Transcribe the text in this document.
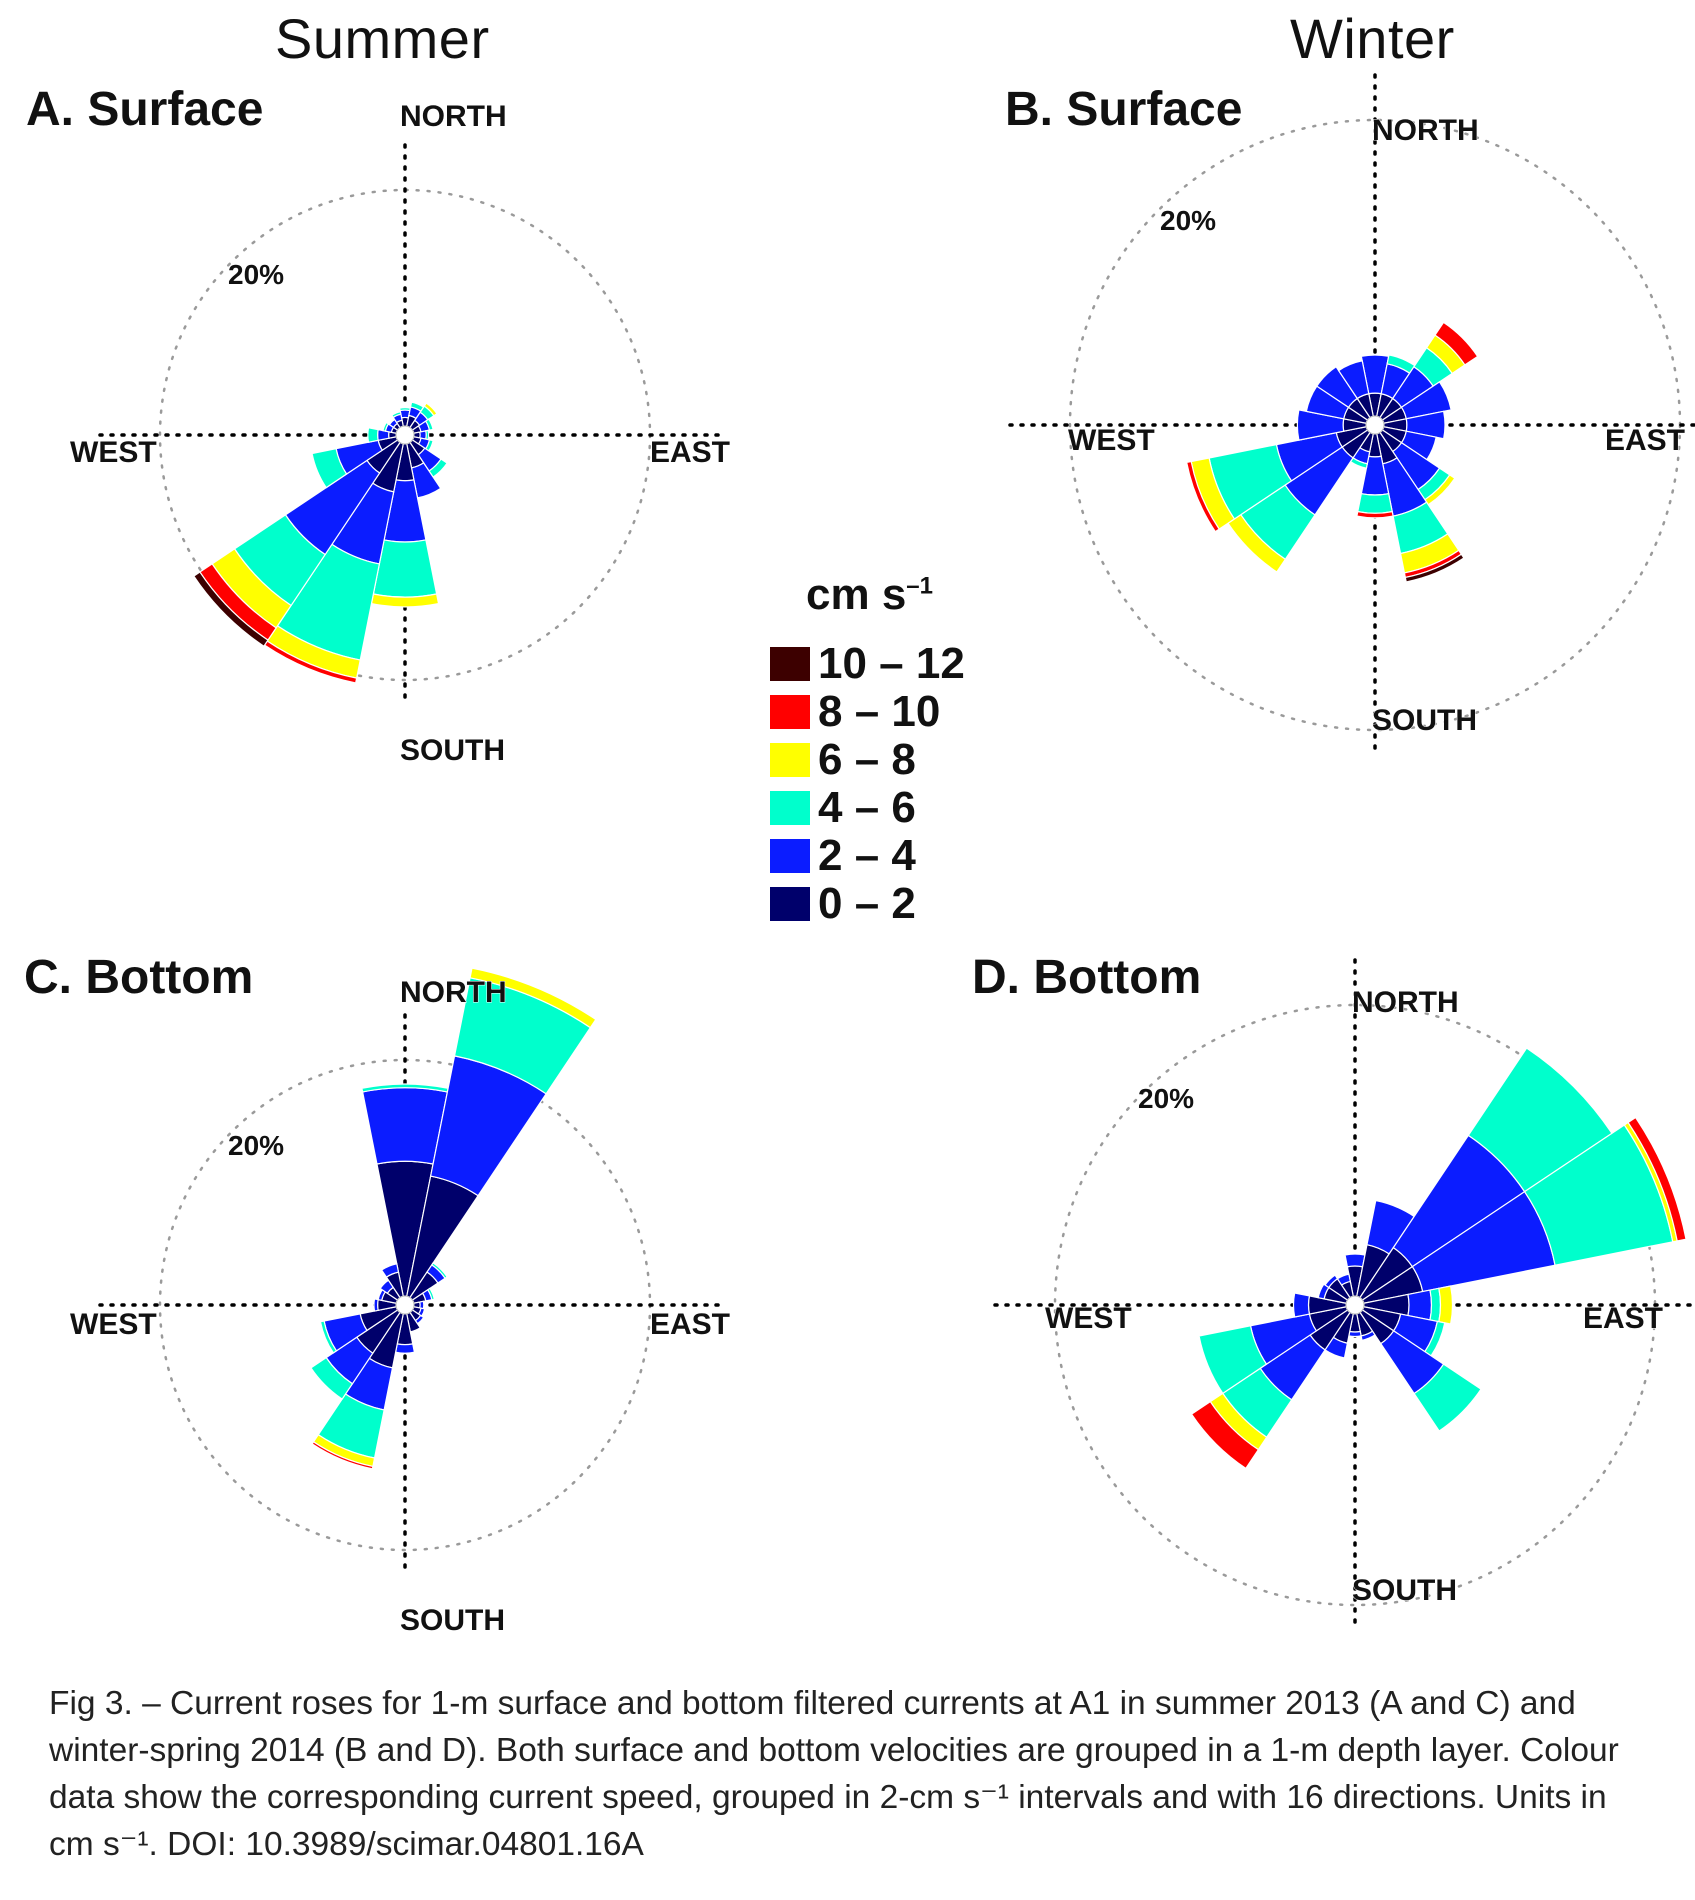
Summer	Winter
A. Surface	B. Surface
C. Bottom	D. Bottom
NORTH
EAST
SOUTH
WEST
20%
NORTH
EAST
SOUTH
WEST
20%
NORTH
EAST
SOUTH
WEST
20%
NORTH
EAST
SOUTH
WEST
20%
cm $s^{-1}$
10 – 12
8 – 10
6 – 8
4 – 6
2 – 4
0 – 2
Fig 3. – Current roses for 1-m surface and bottom filtered currents at A1 in summer 2013 (A and C) and winter-spring 2014 (B and D). Both surface and bottom velocities are grouped in a 1-m depth layer. Colour data show the corresponding current speed, grouped in 2-cm s⁻¹ intervals and with 16 directions. Units in cm s⁻¹. DOI: 10.3989/scimar.04801.16A
